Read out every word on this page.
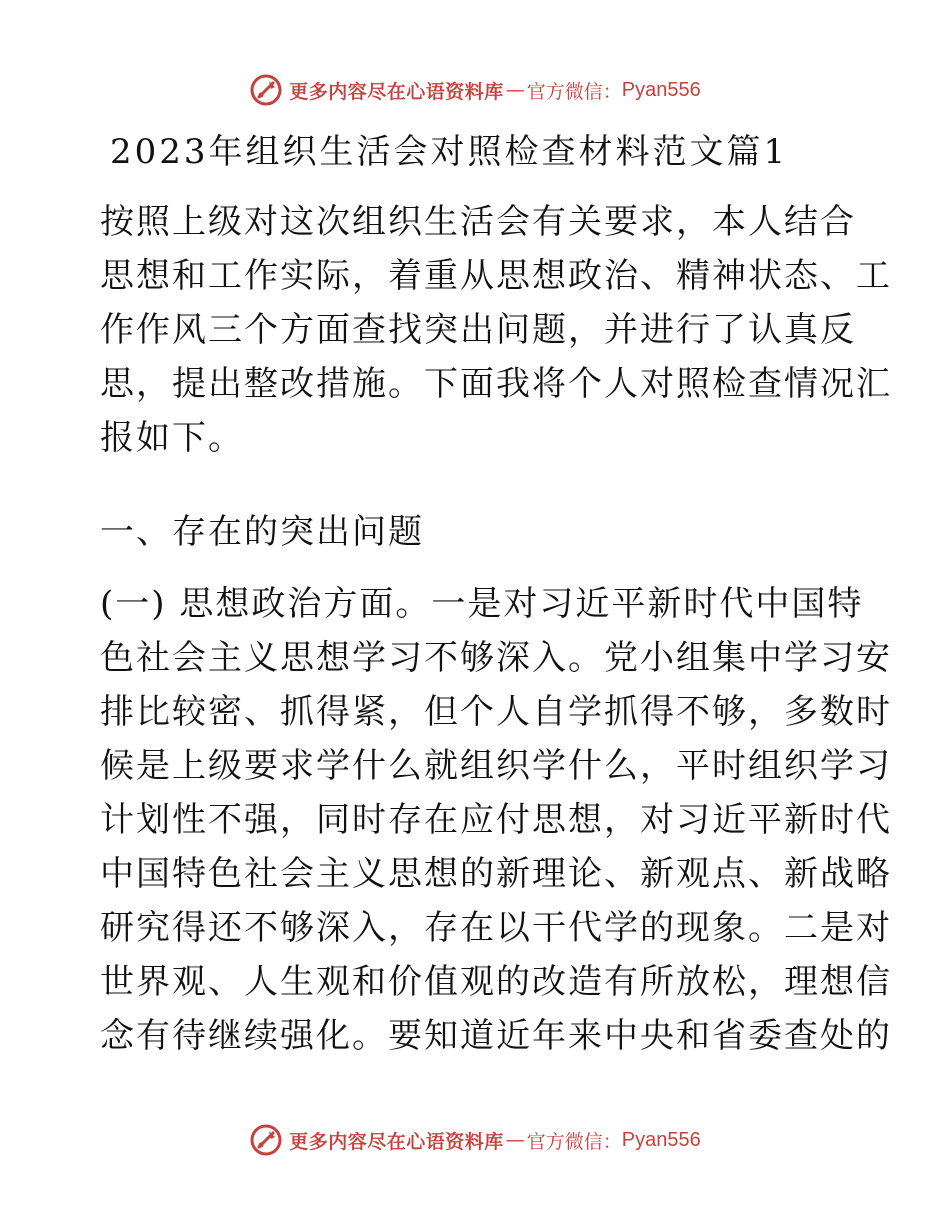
更多内容尽在心语资料库 — 官方微信： Pyan556
2023年组织生活会对照检查材料范文篇1
按照上级对这次组织生活会有关要求，本人结合
思想和工作实际，着重从思想政治、精神状态、工
作作风三个方面查找突出问题，并进行了认真反
思，提出整改措施。下面我将个人对照检查情况汇
报如下。
一、存在的突出问题
(一) 思想政治方面。一是对习近平新时代中国特
色社会主义思想学习不够深入。党小组集中学习安
排比较密、抓得紧，但个人自学抓得不够，多数时
候是上级要求学什么就组织学什么，平时组织学习
计划性不强，同时存在应付思想，对习近平新时代
中国特色社会主义思想的新理论、新观点、新战略
研究得还不够深入，存在以干代学的现象。二是对
世界观、人生观和价值观的改造有所放松，理想信
念有待继续强化。要知道近年来中央和省委查处的
更多内容尽在心语资料库 — 官方微信： Pyan556
